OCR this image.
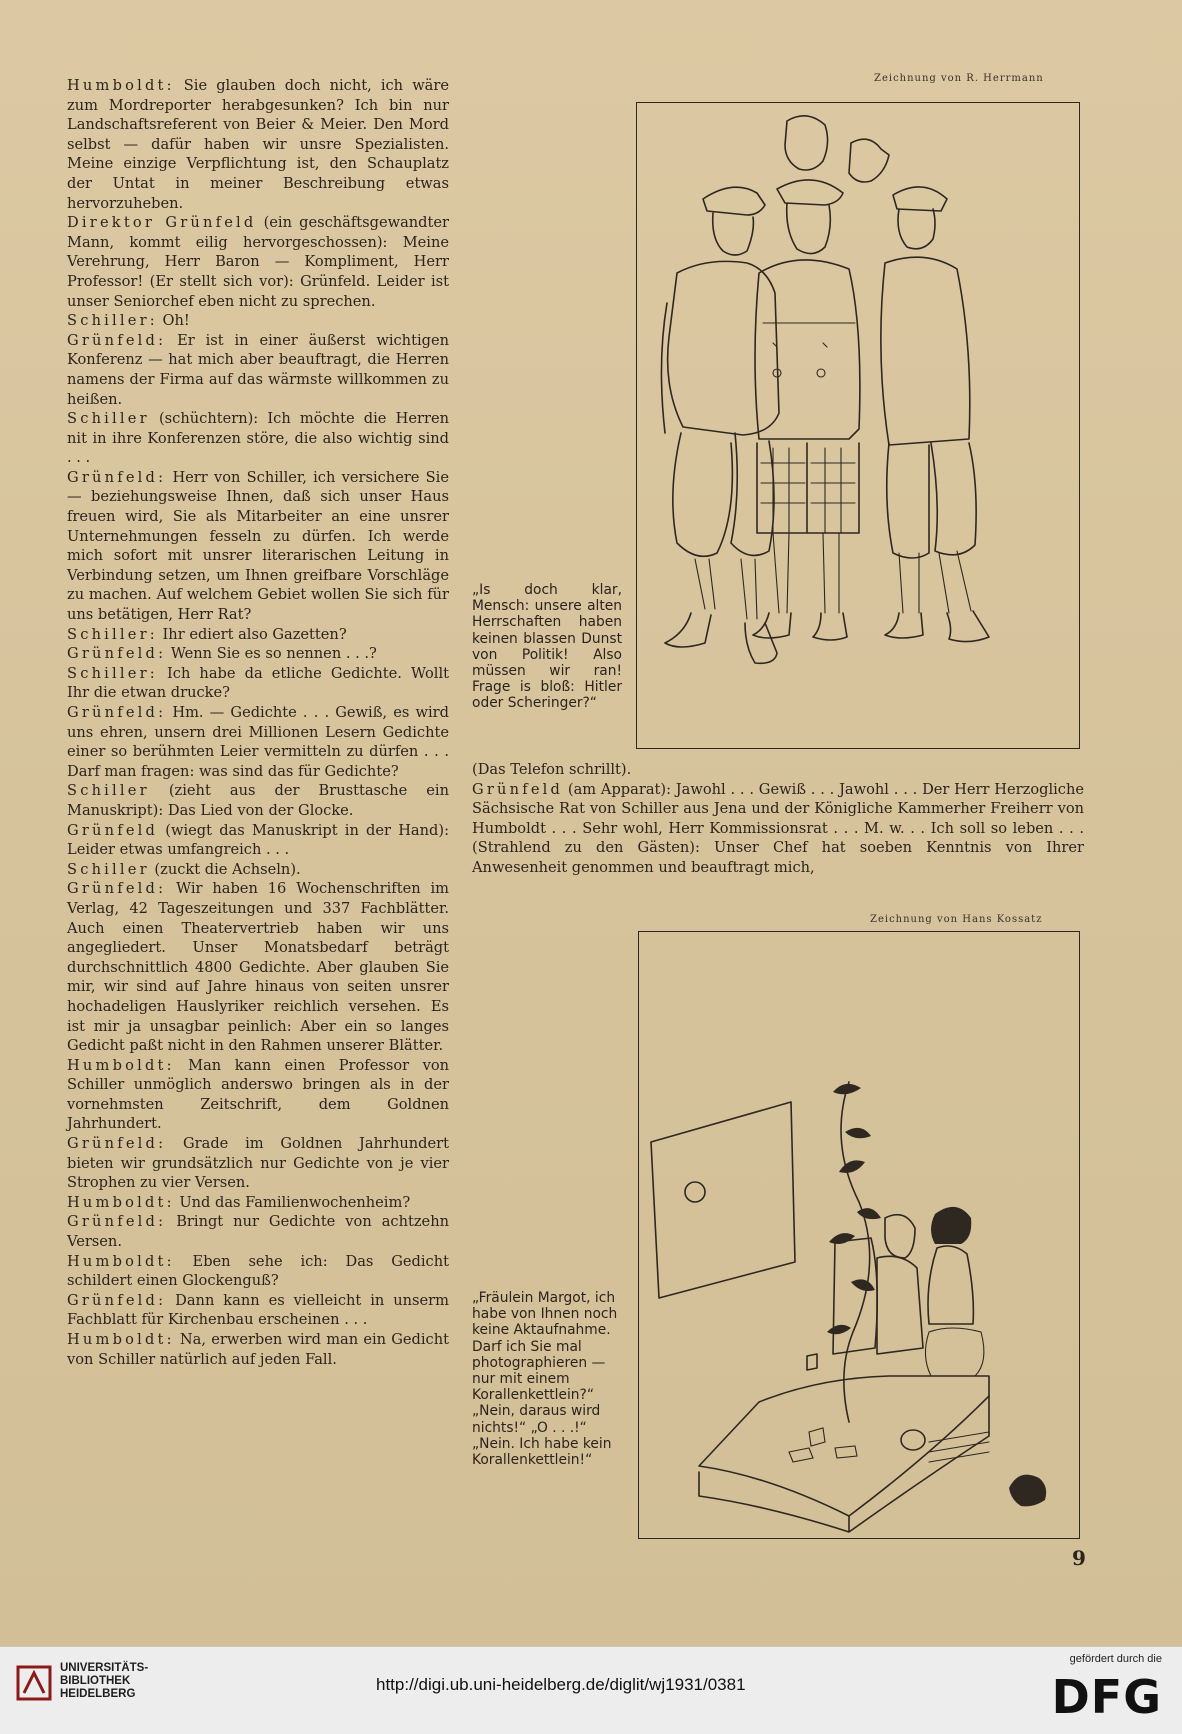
Humboldt: Sie glauben doch nicht, ich wäre zum Mordreporter herabgesunken? Ich bin nur Landschaftsreferent von Beier & Meier. Den Mord selbst — dafür haben wir unsre Spezialisten. Meine einzige Verpflichtung ist, den Schauplatz der Untat in meiner Beschreibung etwas hervorzuheben.

Direktor Grünfeld (ein geschäftsgewandter Mann, kommt eilig hervorgeschossen): Meine Verehrung, Herr Baron — Kompliment, Herr Professor! (Er stellt sich vor): Grünfeld. Leider ist unser Seniorchef eben nicht zu sprechen.

Schiller: Oh!

Grünfeld: Er ist in einer äußerst wichtigen Konferenz — hat mich aber beauftragt, die Herren namens der Firma auf das wärmste willkommen zu heißen.

Schiller (schüchtern): Ich möchte die Herren nit in ihre Konferenzen störe, die also wichtig sind . . .

Grünfeld: Herr von Schiller, ich versichere Sie — beziehungsweise Ihnen, daß sich unser Haus freuen wird, Sie als Mitarbeiter an eine unsrer Unternehmungen fesseln zu dürfen. Ich werde mich sofort mit unsrer literarischen Leitung in Verbindung setzen, um Ihnen greifbare Vorschläge zu machen. Auf welchem Gebiet wollen Sie sich für uns betätigen, Herr Rat?

Schiller: Ihr ediert also Gazetten?

Grünfeld: Wenn Sie es so nennen . . .?

Schiller: Ich habe da etliche Gedichte. Wollt Ihr die etwan drucke?

Grünfeld: Hm. — Gedichte . . . Gewiß, es wird uns ehren, unsern drei Millionen Lesern Gedichte einer so berühmten Leier vermitteln zu dürfen . . . Darf man fragen: was sind das für Gedichte?

Schiller (zieht aus der Brusttasche ein Manuskript): Das Lied von der Glocke.

Grünfeld (wiegt das Manuskript in der Hand): Leider etwas umfangreich . . .

Schiller (zuckt die Achseln).

Grünfeld: Wir haben 16 Wochenschriften im Verlag, 42 Tageszeitungen und 337 Fachblätter. Auch einen Theatervertrieb haben wir uns angegliedert. Unser Monatsbedarf beträgt durchschnittlich 4800 Gedichte. Aber glauben Sie mir, wir sind auf Jahre hinaus von seiten unsrer hochadeligen Hauslyriker reichlich versehen. Es ist mir ja unsagbar peinlich: Aber ein so langes Gedicht paßt nicht in den Rahmen unserer Blätter.

Humboldt: Man kann einen Professor von Schiller unmöglich anderswo bringen als in der vornehmsten Zeitschrift, dem Goldnen Jahrhundert.

Grünfeld: Grade im Goldnen Jahrhundert bieten wir grundsätzlich nur Gedichte von je vier Strophen zu vier Versen.

Humboldt: Und das Familienwochenheim?

Grünfeld: Bringt nur Gedichte von achtzehn Versen.

Humboldt: Eben sehe ich: Das Gedicht schildert einen Glockenguß?

Grünfeld: Dann kann es vielleicht in unserm Fachblatt für Kirchenbau erscheinen . . .

Humboldt: Na, erwerben wird man ein Gedicht von Schiller natürlich auf jeden Fall.

Zeichnung von R. Herrmann
„Is doch klar, Mensch: unsere alten Herrschaften haben keinen blassen Dunst von Politik! Also müssen wir ran! Frage is bloß: Hitler oder Scheringer?“

(Das Telefon schrillt).

Grünfeld (am Apparat): Jawohl . . . Gewiß . . . Jawohl . . . Der Herr Herzogliche Sächsische Rat von Schiller aus Jena und der Königliche Kammerher Freiherr von Humboldt . . . Sehr wohl, Herr Kommissionsrat . . . M. w. . . Ich soll so leben . . . (Strahlend zu den Gästen): Unser Chef hat soeben Kenntnis von Ihrer Anwesenheit genommen und beauftragt mich,

Zeichnung von Hans Kossatz
„Fräulein Margot, ich habe von Ihnen noch keine Aktaufnahme. Darf ich Sie mal photographieren — nur mit einem Korallenkettlein?“ „Nein, daraus wird nichts!“ „O . . .!“ „Nein. Ich habe kein Korallenkettlein!“
9
UNIVERSITÄTS-
BIBLIOTHEK
HEIDELBERG	http://digi.ub.uni-heidelberg.de/diglit/wj1931/0381
gefördert durch die
DFG
